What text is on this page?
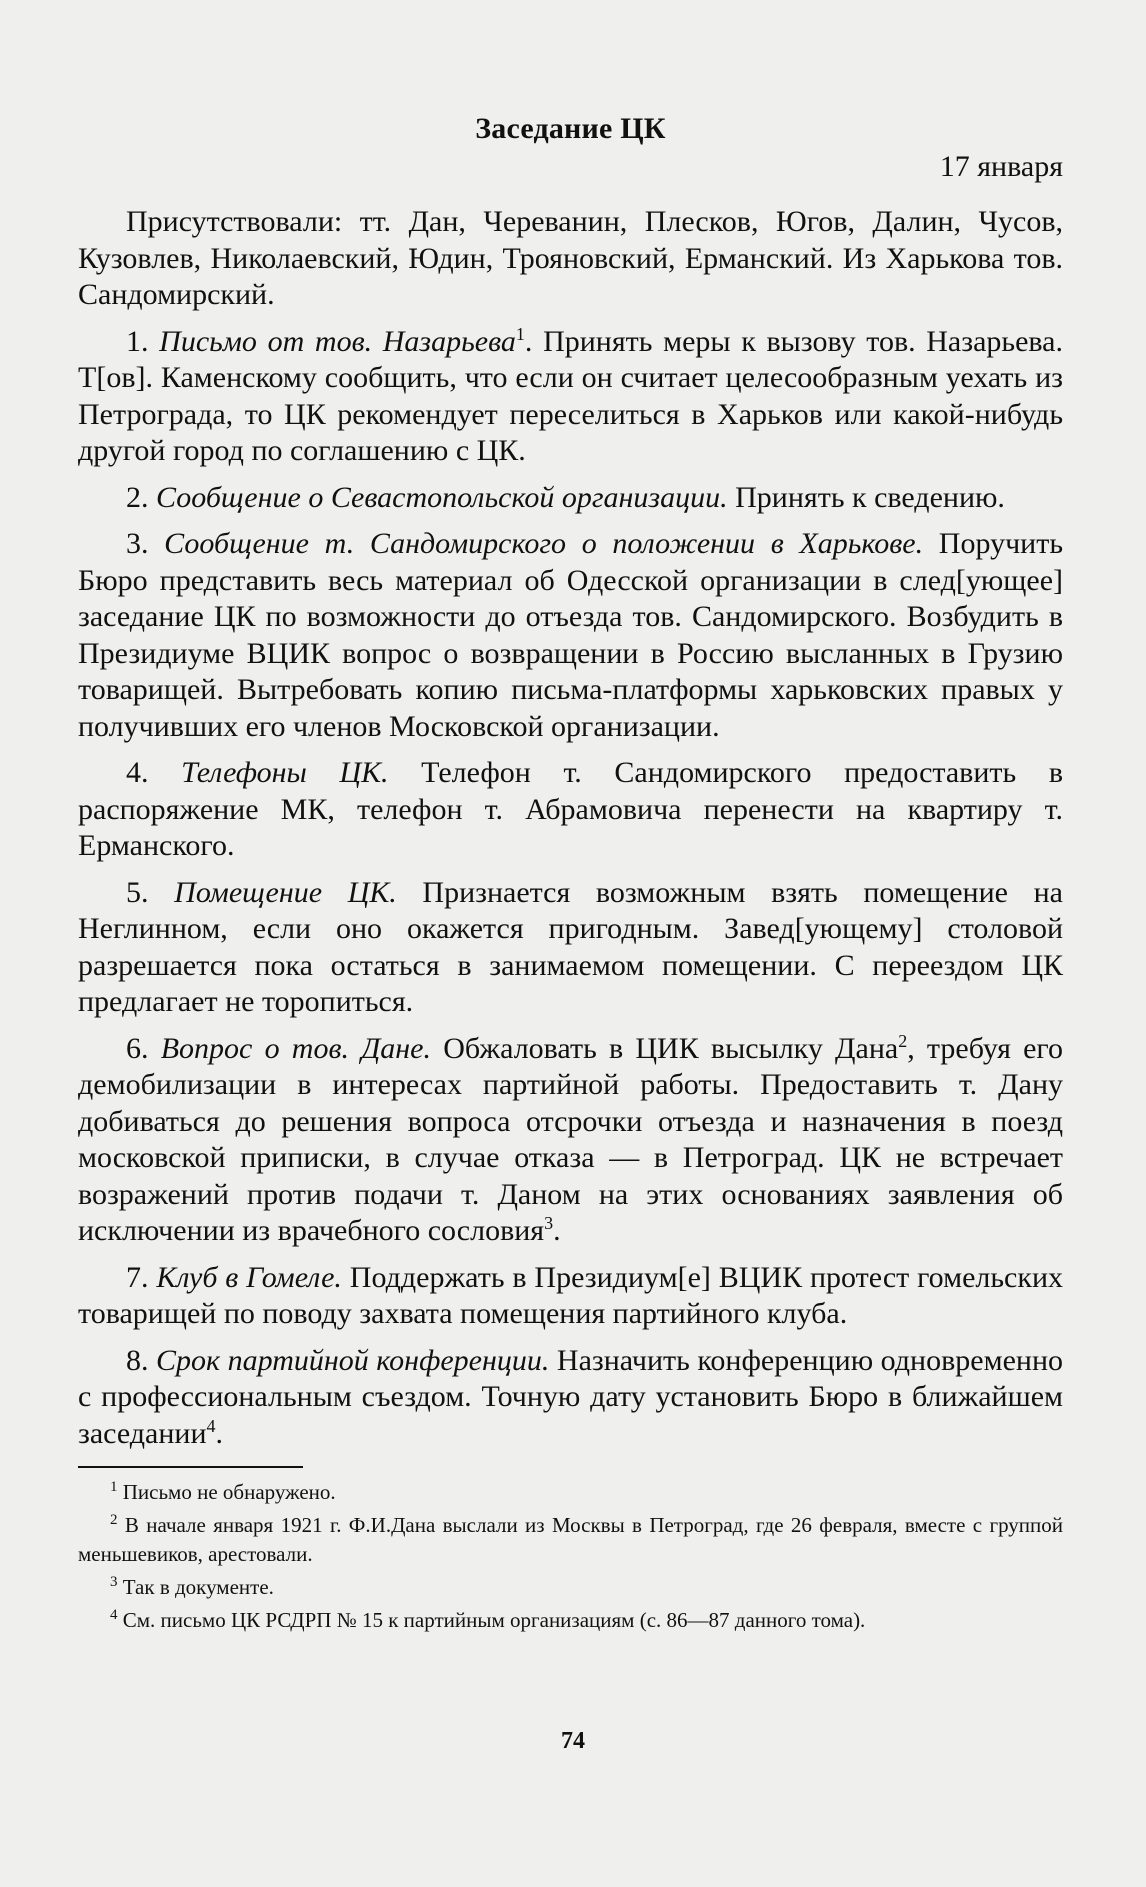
Заседание ЦК
17 января

Присутствовали: тт. Дан, Череванин, Плесков, Югов, Далин, Чусов, Кузовлев, Николаевский, Юдин, Трояновский, Ерманский. Из Харькова тов. Сандомирский.

1. Письмо от тов. Назарьева$^1$. Принять меры к вызову тов. Назарьева. Т[ов]. Каменскому сообщить, что если он считает целесообразным уехать из Петрограда, то ЦК рекомендует переселиться в Харьков или какой-нибудь другой город по соглашению с ЦК.

2. Сообщение о Севастопольской организации. Принять к сведению.

3. Сообщение т. Сандомирского о положении в Харькове. Поручить Бюро представить весь материал об Одесской организации в след[ующее] заседание ЦК по возможности до отъезда тов. Сандомирского. Возбудить в Президиуме ВЦИК вопрос о возвращении в Россию высланных в Грузию товарищей. Вытребовать копию письма-платформы харьковских правых у получивших его членов Московской организации.

4. Телефоны ЦК. Телефон т. Сандомирского предоставить в распоряжение МК, телефон т. Абрамовича перенести на квартиру т. Ерманского.

5. Помещение ЦК. Признается возможным взять помещение на Неглинном, если оно окажется пригодным. Завед[ующему] столовой разрешается пока остаться в занимаемом помещении. С переездом ЦК предлагает не торопиться.

6. Вопрос о тов. Дане. Обжаловать в ЦИК высылку Дана$^2$, требуя его демобилизации в интересах партийной работы. Предоставить т. Дану добиваться до решения вопроса отсрочки отъезда и назначения в поезд московской приписки, в случае отказа — в Петроград. ЦК не встречает возражений против подачи т. Даном на этих основаниях заявления об исключении из врачебного сословия$^3$.

7. Клуб в Гомеле. Поддержать в Президиум[е] ВЦИК протест гомельских товарищей по поводу захвата помещения партийного клуба.

8. Срок партийной конференции. Назначить конференцию одновременно с профессиональным съездом. Точную дату установить Бюро в ближайшем заседании$^4$.

$^1$ Письмо не обнаружено.

$^2$ В начале января 1921 г. Ф.И.Дана выслали из Москвы в Петроград, где 26 февраля, вместе с группой меньшевиков, арестовали.

$^3$ Так в документе.

$^4$ См. письмо ЦК РСДРП № 15 к партийным организациям (с. 86—87 данного тома).

74
